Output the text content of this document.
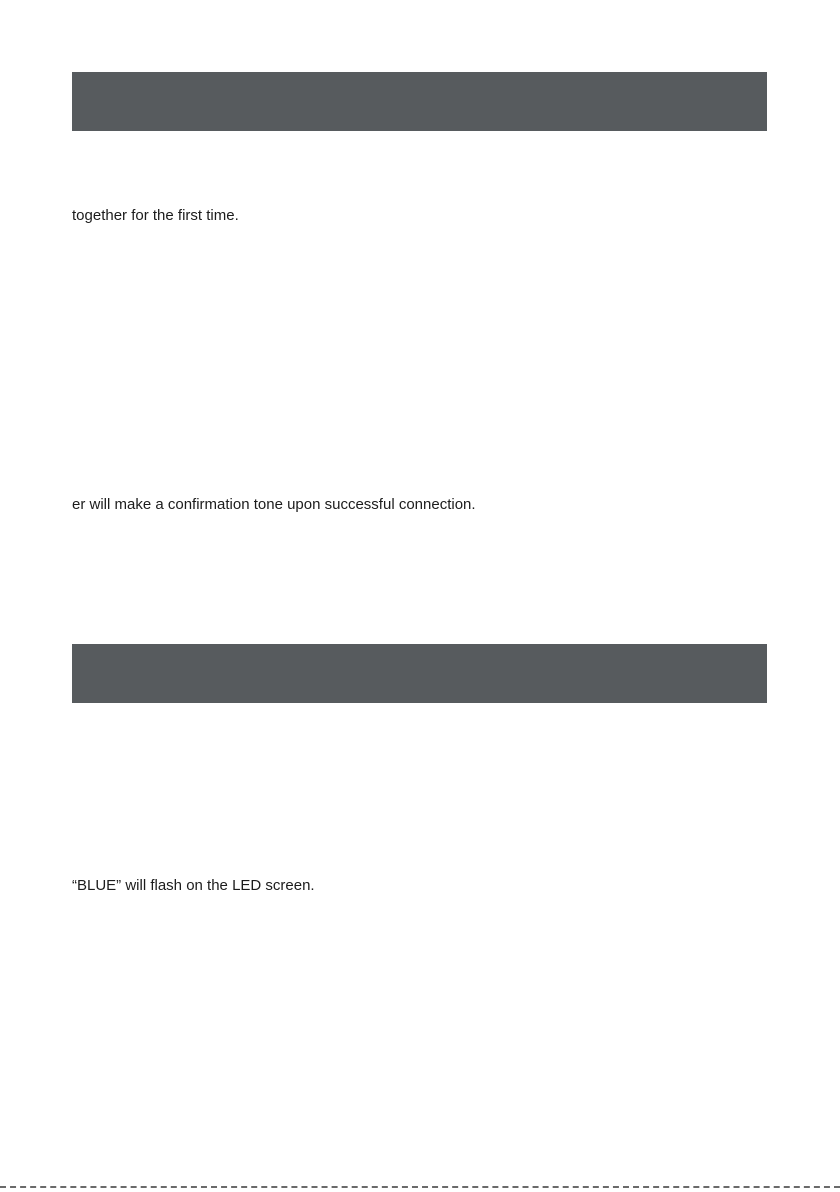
together for the first time.
er will make a confirmation tone upon successful connection.
“BLUE” will flash on the LED screen.
